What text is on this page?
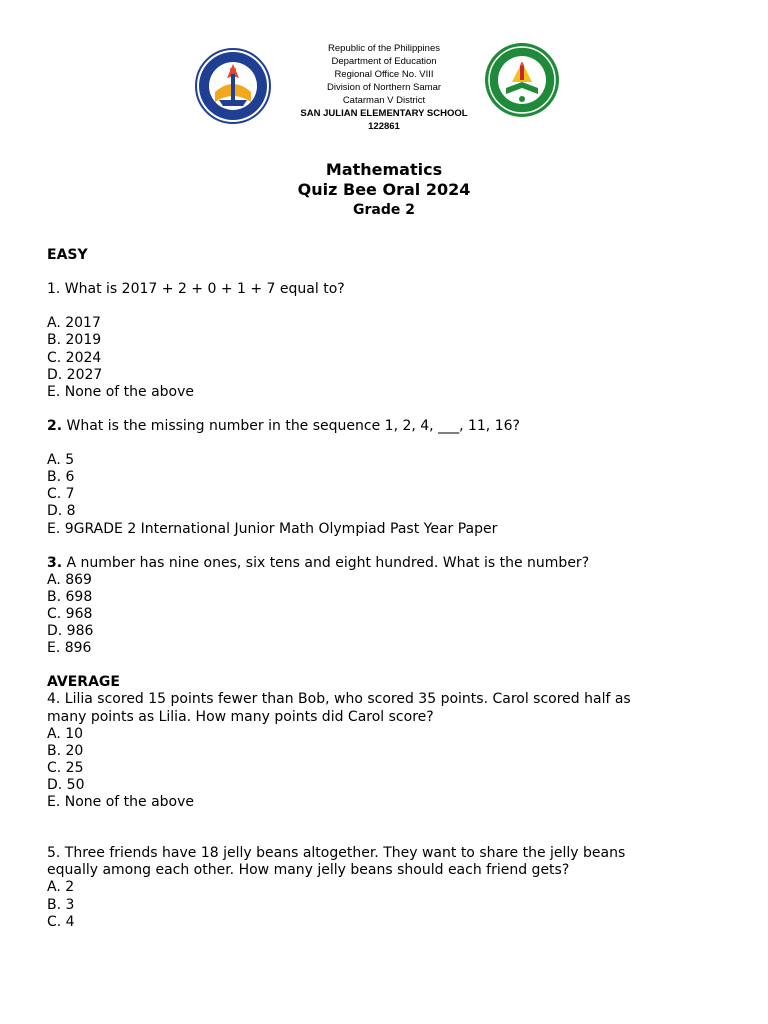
Republic of the Philippines
Department of Education
Regional Office No. VIII
Division of Northern Samar
Catarman V District
SAN JULIAN ELEMENTARY SCHOOL
122861
Mathematics
Quiz Bee Oral 2024
Grade 2
EASY
1. What is 2017 + 2 + 0 + 1 + 7 equal to?
A. 2017
B. 2019
C. 2024
D. 2027
E. None of the above
2. What is the missing number in the sequence 1, 2, 4, ___, 11, 16?
A. 5
B. 6
C. 7
D. 8
E. 9GRADE 2 International Junior Math Olympiad Past Year Paper
3. A number has nine ones, six tens and eight hundred. What is the number?
A. 869
B. 698
C. 968
D. 986
E. 896
AVERAGE
4. Lilia scored 15 points fewer than Bob, who scored 35 points. Carol scored half as many points as Lilia. How many points did Carol score?
A. 10
B. 20
C. 25
D. 50
E. None of the above
5. Three friends have 18 jelly beans altogether. They want to share the jelly beans equally among each other. How many jelly beans should each friend gets?
A. 2
B. 3
C. 4
